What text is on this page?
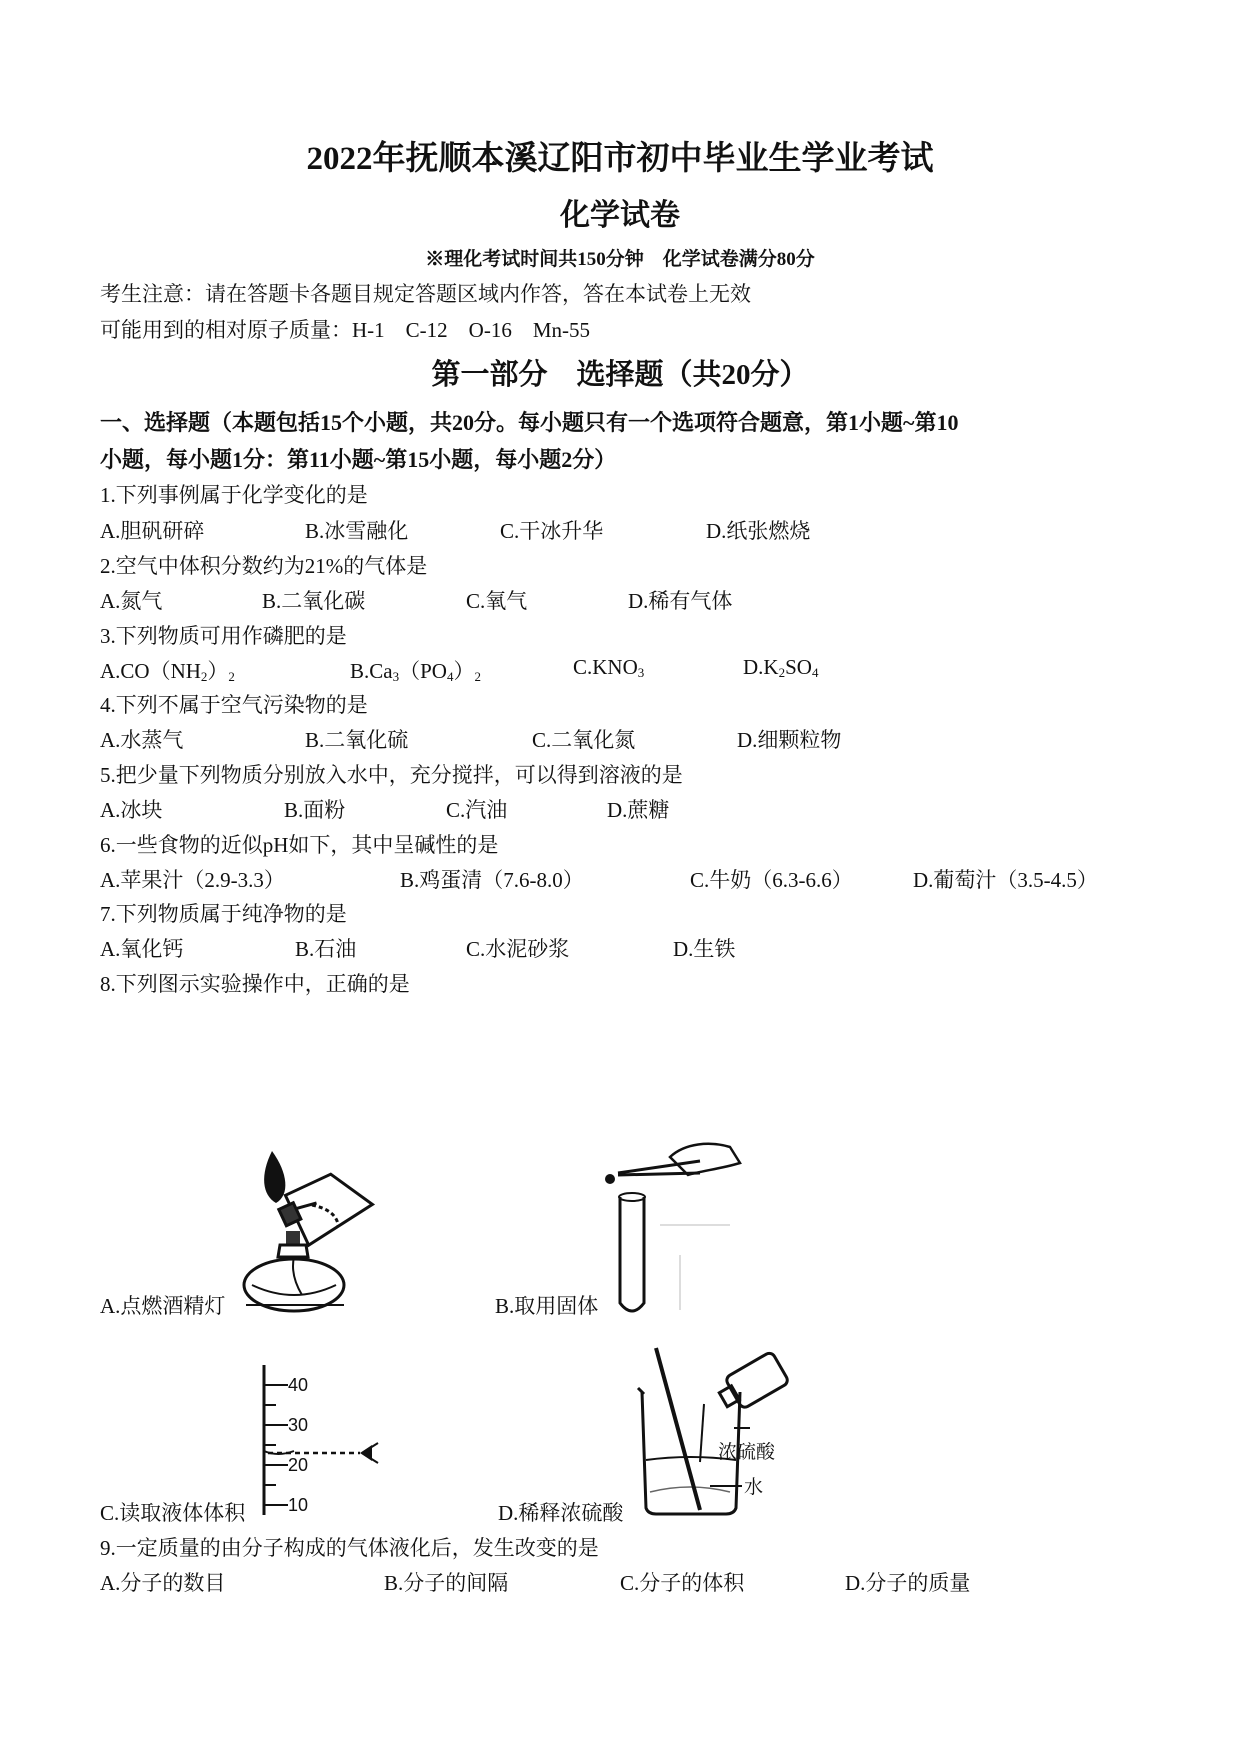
2022年抚顺本溪辽阳市初中毕业生学业考试
化学试卷
※理化考试时间共150分钟　化学试卷满分80分
考生注意：请在答题卡各题目规定答题区域内作答，答在本试卷上无效
可能用到的相对原子质量：H-1　C-12　O-16　Mn-55
第一部分　选择题（共20分）
一、选择题（本题包括15个小题，共20分。每小题只有一个选项符合题意，第1小题~第10
小题，每小题1分：第11小题~第15小题，每小题2分）
1.下列事例属于化学变化的是
A.胆矾研碎	B.冰雪融化	C.干冰升华	D.纸张燃烧
2.空气中体积分数约为21%的气体是
A.氮气	B.二氧化碳	C.氧气	D.稀有气体
3.下列物质可用作磷肥的是
$A.CO(NH_2)_2$	$B.Ca_3(PO_4)_2$	$C.KNO_3$	$D.K_2SO_4$
4.下列不属于空气污染物的是
A.水蒸气	B.二氧化硫	C.二氧化氮	D.细颗粒物
5.把少量下列物质分别放入水中，充分搅拌，可以得到溶液的是
A.冰块	B.面粉	C.汽油	D.蔗糖
6.一些食物的近似pH如下，其中呈碱性的是
A.苹果汁（2.9-3.3）	B.鸡蛋清（7.6-8.0）	C.牛奶（6.3-6.6）	D.葡萄汁（3.5-4.5）
7.下列物质属于纯净物的是
A.氧化钙	B.石油	C.水泥砂浆	D.生铁
8.下列图示实验操作中，正确的是
A.点燃酒精灯	B.取用固体
40
30
20
10
C.读取液体体积
浓硫酸
水
D.稀释浓硫酸
9.一定质量的由分子构成的气体液化后，发生改变的是
A.分子的数目	B.分子的间隔	C.分子的体积	D.分子的质量
